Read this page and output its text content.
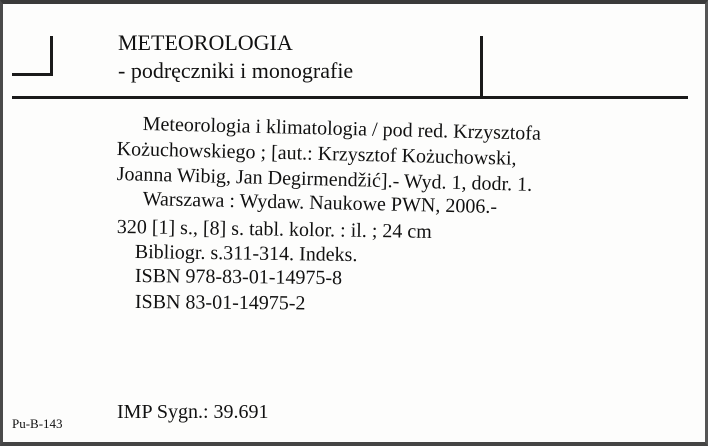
METEOROLOGIA
- podręczniki i monografie
Meteorologia i klimatologia / pod red. Krzysztofa
Kożuchowskiego ; [aut.: Krzysztof Kożuchowski,
Joanna Wibig, Jan Degirmendžić].- Wyd. 1, dodr. 1.
Warszawa : Wydaw. Naukowe PWN, 2006.-
320 [1] s., [8] s. tabl. kolor. : il. ; 24 cm
Bibliogr. s.311-314. Indeks.
ISBN 978-83-01-14975-8
ISBN 83-01-14975-2
Pu-B-143
IMP Sygn.: 39.691
